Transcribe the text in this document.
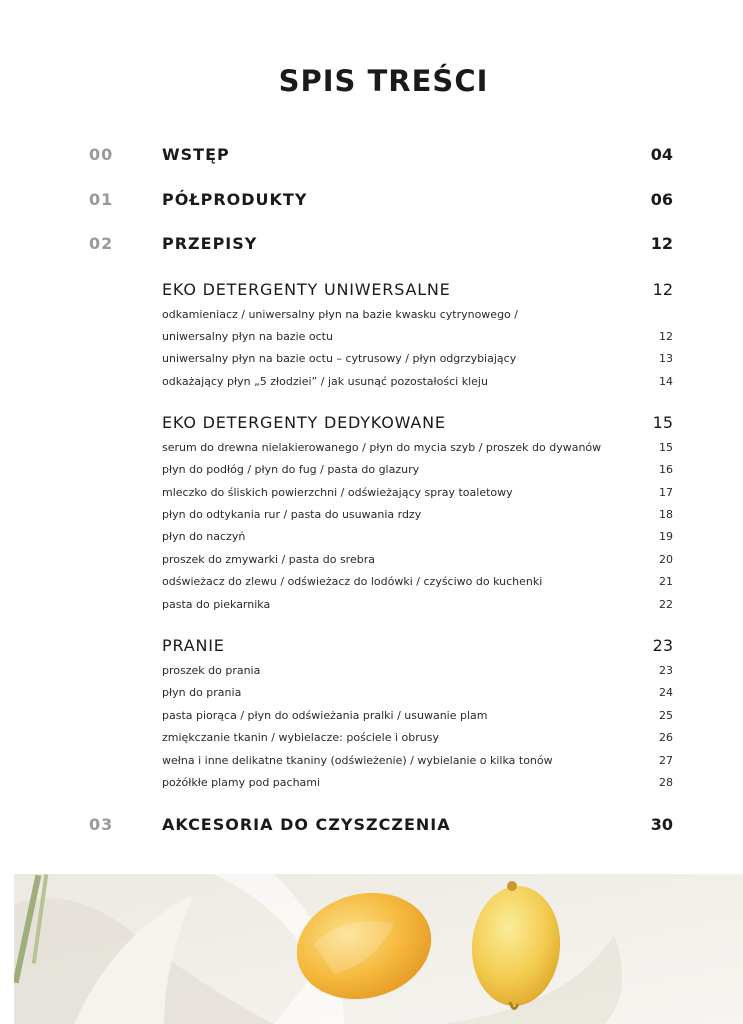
SPIS TREŚCI
00	WSTĘP	04
01	PÓŁPRODUKTY	06
02	PRZEPISY	12
EKO DETERGENTY UNIWERSALNE	12
odkamieniacz / uniwersalny płyn na bazie kwasku cytrynowego /
uniwersalny płyn na bazie octu	12
uniwersalny płyn na bazie octu – cytrusowy / płyn odgrzybiający	13
odkażający płyn „5 złodziei” / jak usunąć pozostałości kleju	14
EKO DETERGENTY DEDYKOWANE	15
serum do drewna nielakierowanego / płyn do mycia szyb / proszek do dywanów	15
płyn do podłóg / płyn do fug / pasta do glazury	16
mleczko do śliskich powierzchni / odświeżający spray toaletowy	17
płyn do odtykania rur / pasta do usuwania rdzy	18
płyn do naczyń	19
proszek do zmywarki / pasta do srebra	20
odświeżacz do zlewu / odświeżacz do lodówki / czyściwo do kuchenki	21
pasta do piekarnika	22
PRANIE	23
proszek do prania	23
płyn do prania	24
pasta piorąca / płyn do odświeżania pralki / usuwanie plam	25
zmiękczanie tkanin / wybielacze: pościele i obrusy	26
wełna i inne delikatne tkaniny (odświeżenie) / wybielanie o kilka tonów	27
pożółkłe plamy pod pachami	28
03	AKCESORIA DO CZYSZCZENIA	30
